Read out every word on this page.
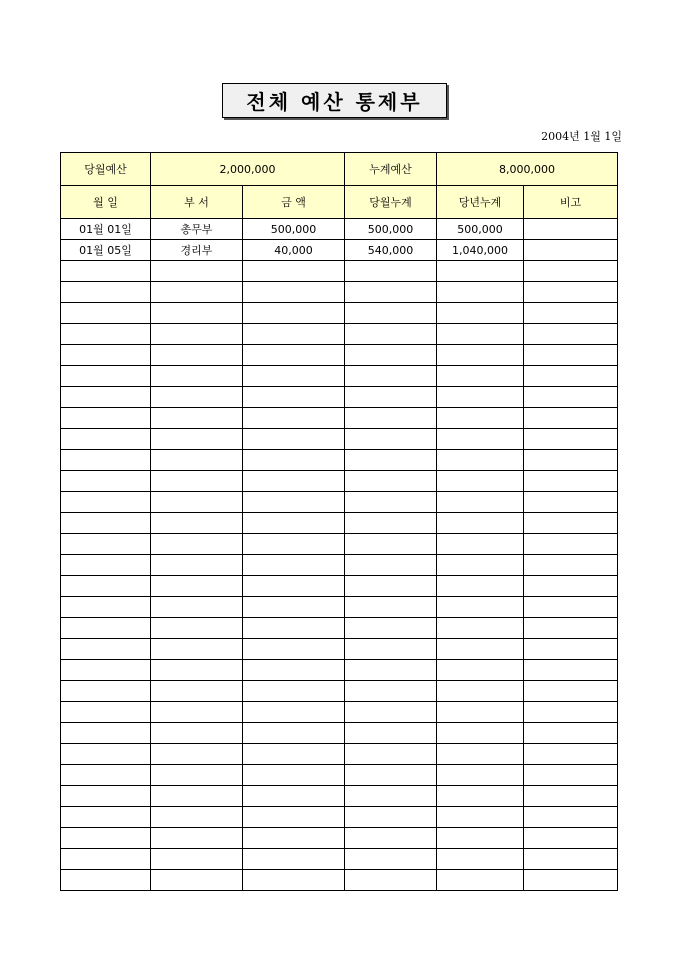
전체 예산 통제부
2004년 1월 1일
당월예산	2,000,000		누계예산	8,000,000	
월 일	부 서	금 액	당월누계	당년누계	비고
01월 01일	총무부	500,000	500,000	500,000	
01월 05일	경리부	40,000	540,000	1,040,000	
